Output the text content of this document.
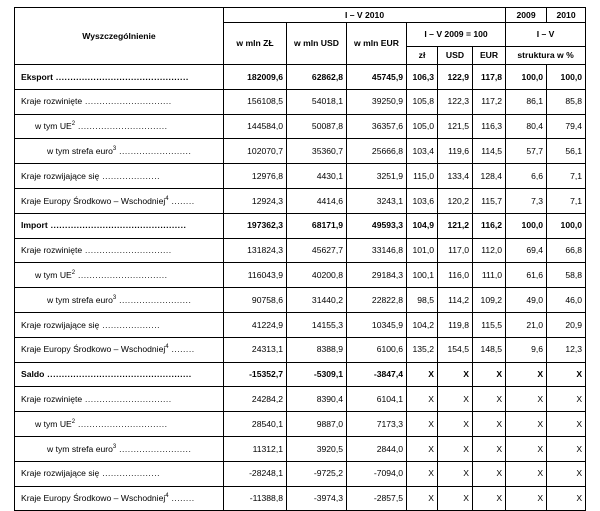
Wyszczególnienie	I – V 2010						2009	2010
	w mln ZŁ	w mln USD	w mln EUR	I – V 2009 = 100			I – V	
				zł	USD	EUR	struktura w %	
Eksport ..............................................	182009,6	62862,8	45745,9	106,3	122,9	117,8	100,0	100,0
Kraje rozwinięte ..............................	156108,5	54018,1	39250,9	105,8	122,3	117,2	86,1	85,8
w tym $UE^2$ ...............................	144584,0	50087,8	36357,6	105,0	121,5	116,3	80,4	79,4
w tym strefa euro$^3$ .........................	102070,7	35360,7	25666,8	103,4	119,6	114,5	57,7	56,1
Kraje rozwijające się ....................	12976,8	4430,1	3251,9	115,0	133,4	128,4	6,6	7,1
Kraje Europy Środkowo – Wschodniej$^4$ ........	12924,3	4414,6	3243,1	103,6	120,2	115,7	7,3	7,1
Import ...............................................	197362,3	68171,9	49593,3	104,9	121,2	116,2	100,0	100,0
Kraje rozwinięte ..............................	131824,3	45627,7	33146,8	101,0	117,0	112,0	69,4	66,8
w tym $UE^2$ ...............................	116043,9	40200,8	29184,3	100,1	116,0	111,0	61,6	58,8
w tym strefa euro$^3$ .........................	90758,6	31440,2	22822,8	98,5	114,2	109,2	49,0	46,0
Kraje rozwijające się ....................	41224,9	14155,3	10345,9	104,2	119,8	115,5	21,0	20,9
Kraje Europy Środkowo – Wschodniej$^4$ ........	24313,1	8388,9	6100,6	135,2	154,5	148,5	9,6	12,3
Saldo ..................................................	-15352,7	-5309,1	-3847,4	X	X	X	X	X
Kraje rozwinięte ..............................	24284,2	8390,4	6104,1	X	X	X	X	X
w tym $UE^2$ ...............................	28540,1	9887,0	7173,3	X	X	X	X	X
w tym strefa euro$^3$ .........................	11312,1	3920,5	2844,0	X	X	X	X	X
Kraje rozwijające się ....................	-28248,1	-9725,2	-7094,0	X	X	X	X	X
Kraje Europy Środkowo – Wschodniej$^4$ ........	-11388,8	-3974,3	-2857,5	X	X	X	X	X
